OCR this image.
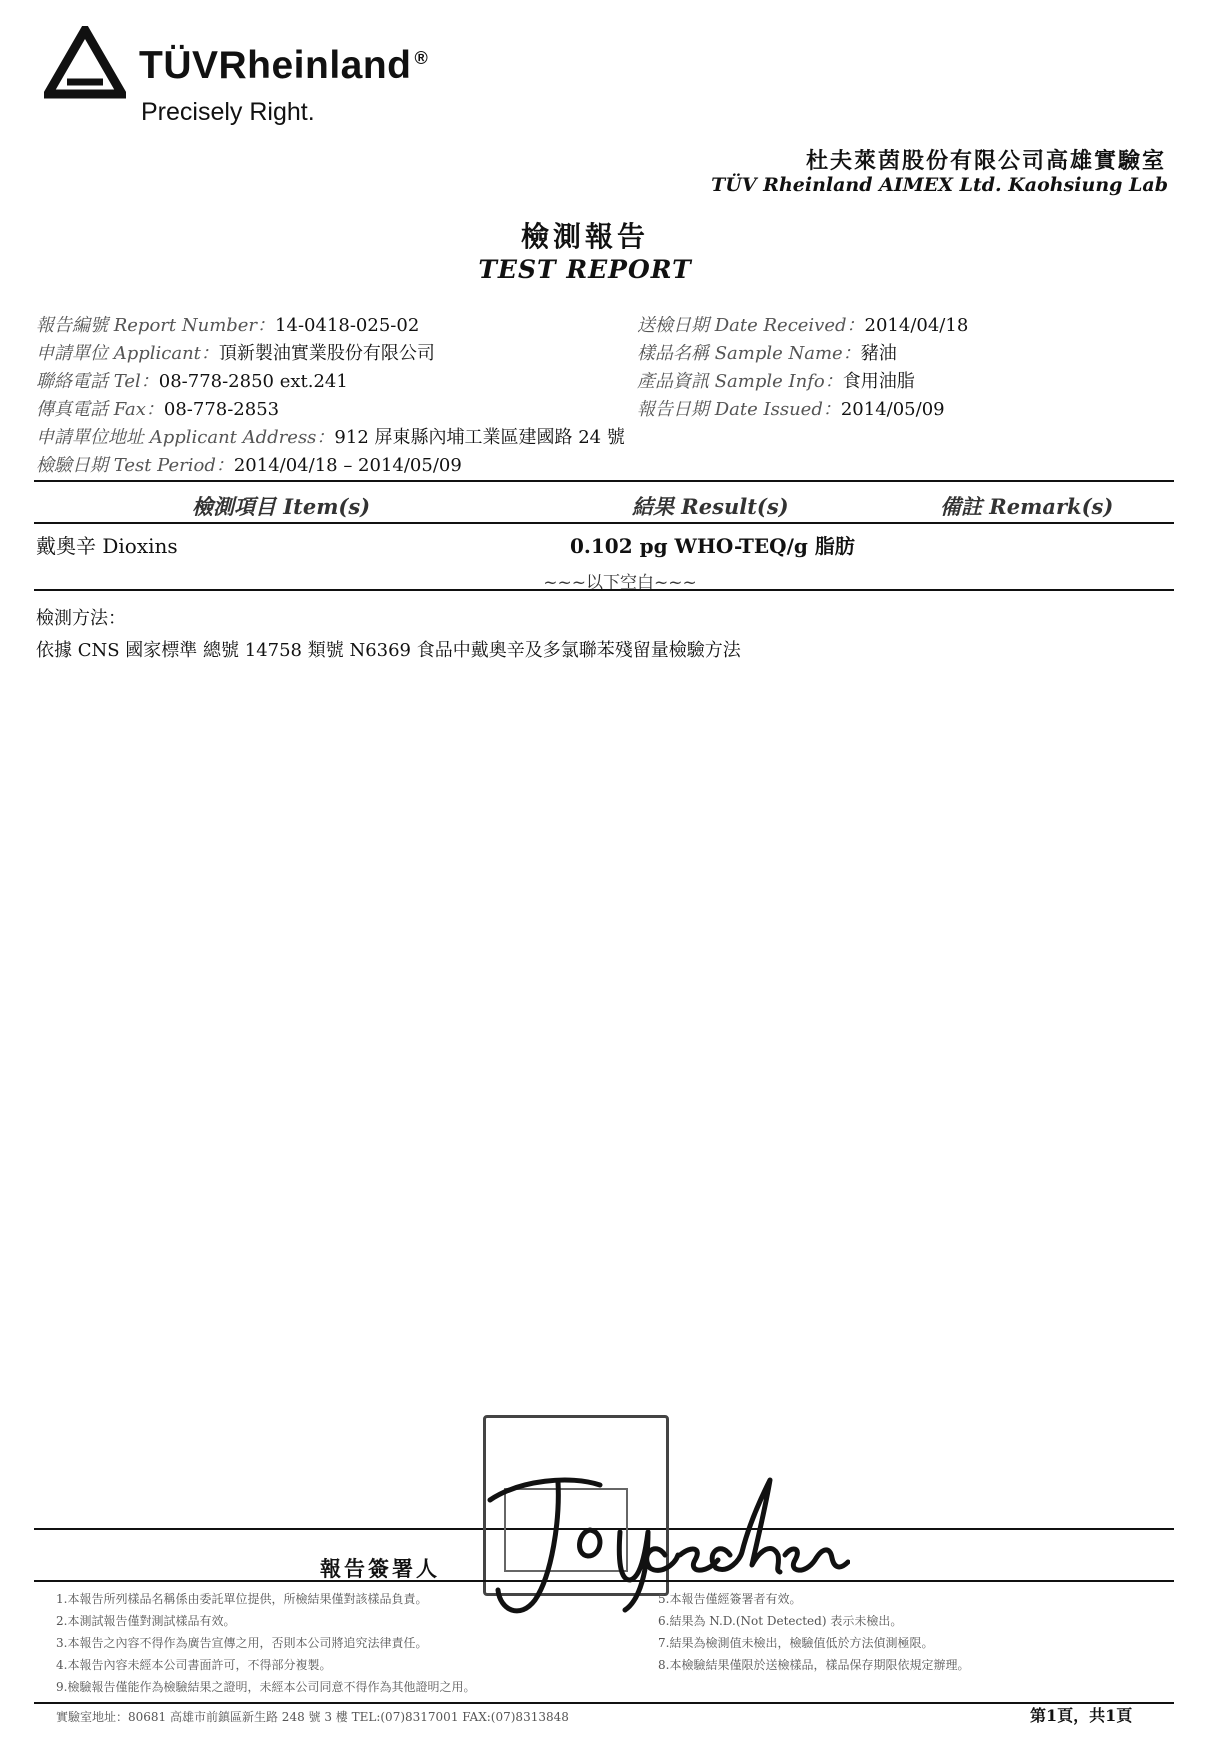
TÜVRheinland ®
Precisely Right.
杜夫萊茵股份有限公司高雄實驗室
TÜV Rheinland AIMEX Ltd. Kaohsiung Lab
檢測報告
TEST REPORT
報告編號 Report Number：14-0418-025-02
申請單位 Applicant：頂新製油實業股份有限公司
聯絡電話 Tel：08-778-2850 ext.241
傳真電話 Fax：08-778-2853
申請單位地址 Applicant Address：912 屏東縣內埔工業區建國路 24 號
檢驗日期 Test Period：2014/04/18 – 2014/05/09
送檢日期 Date Received：2014/04/18
樣品名稱 Sample Name：豬油
產品資訊 Sample Info：食用油脂
報告日期 Date Issued：2014/05/09
檢測項目 Item(s)	結果 Result(s)	備註 Remark(s)
戴奧辛 Dioxins	0.102 pg WHO-TEQ/g 脂肪
~~~以下空白~~~
檢測方法：
依據 CNS 國家標準 總號 14758 類號 N6369 食品中戴奧辛及多氯聯苯殘留量檢驗方法
報告簽署人
1.本報告所列樣品名稱係由委託單位提供，所檢結果僅對該樣品負責。
2.本測試報告僅對測試樣品有效。
3.本報告之內容不得作為廣告宣傳之用，否則本公司將追究法律責任。
4.本報告內容未經本公司書面許可，不得部分複製。
9.檢驗報告僅能作為檢驗結果之證明，未經本公司同意不得作為其他證明之用。
5.本報告僅經簽署者有效。
6.結果為 N.D.(Not Detected) 表示未檢出。
7.結果為檢測值未檢出，檢驗值低於方法偵測極限。
8.本檢驗結果僅限於送檢樣品，樣品保存期限依規定辦理。
實驗室地址：80681 高雄市前鎮區新生路 248 號 3 樓 TEL:(07)8317001 FAX:(07)8313848	第1頁，共1頁
